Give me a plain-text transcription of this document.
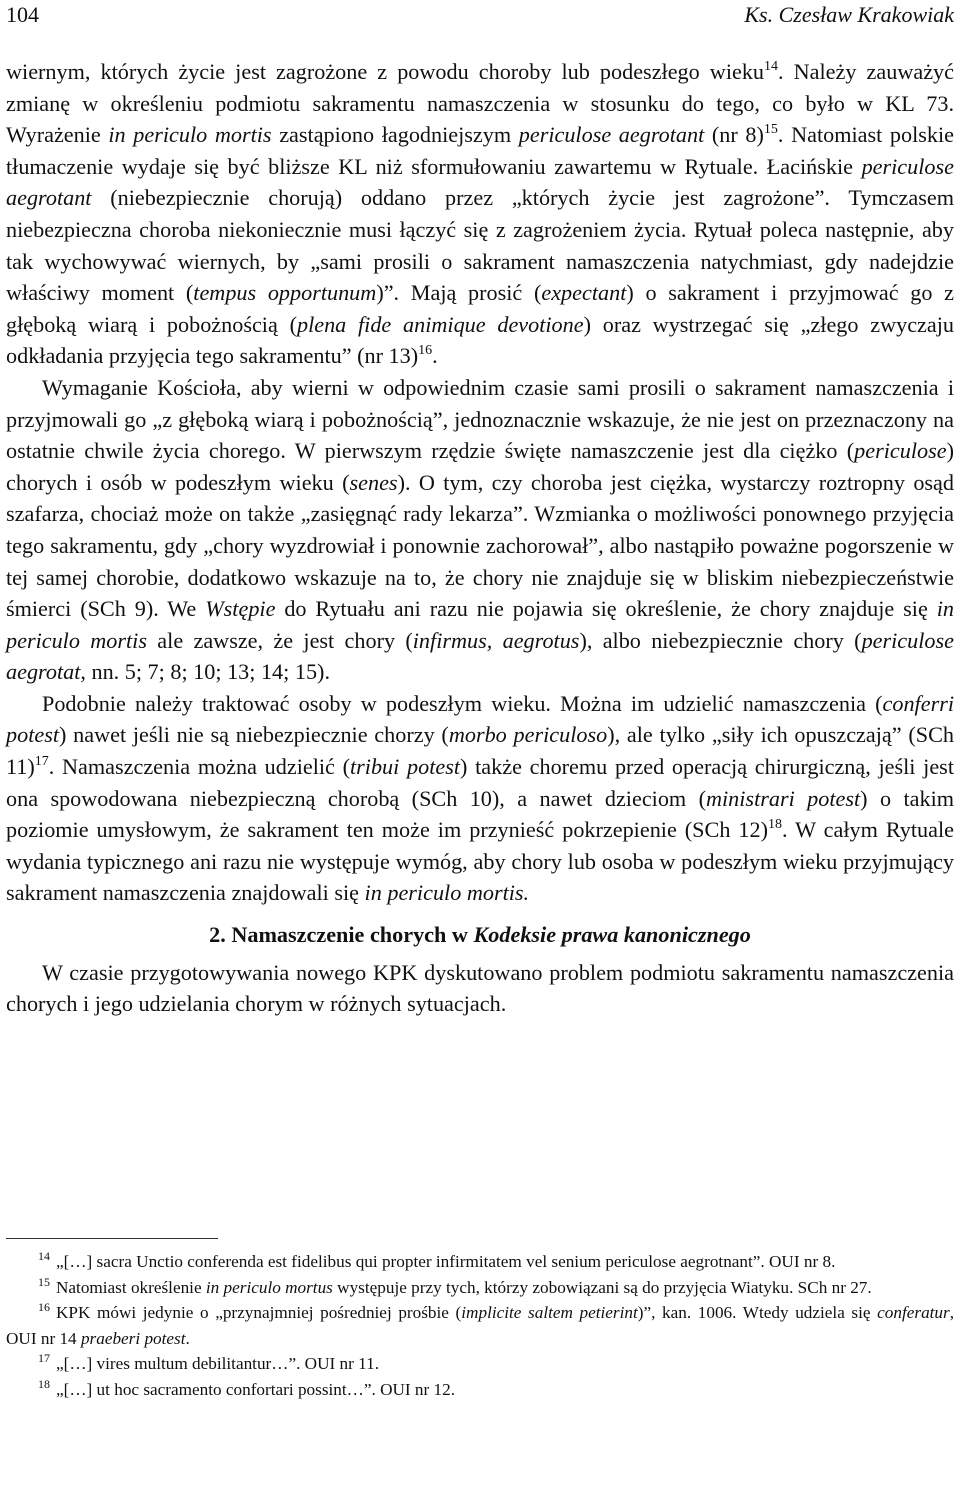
104	Ks. Czesław Krakowiak

wiernym, których życie jest zagrożone z powodu choroby lub podeszłego wieku$^{14}$. Należy zauważyć zmianę w określeniu podmiotu sakramentu namaszczenia w stosunku do tego, co było w KL 73. Wyrażenie in periculo mortis zastąpiono łagodniejszym periculose aegrotant (nr 8)$^{15}$. Natomiast polskie tłumaczenie wydaje się być bliższe KL niż sformułowaniu zawartemu w Rytuale. Łacińskie periculose aegrotant (niebezpiecznie chorują) oddano przez „których życie jest zagrożone”. Tymczasem niebezpieczna choroba niekoniecznie musi łączyć się z zagrożeniem życia. Rytuał poleca następnie, aby tak wychowywać wiernych, by „sami prosili o sakrament namaszczenia natychmiast, gdy nadejdzie właściwy moment (tempus opportunum)”. Mają prosić (expectant) o sakrament i przyjmować go z głęboką wiarą i pobożnością (plena fide animique devotione) oraz wystrzegać się „złego zwyczaju odkładania przyjęcia tego sakramentu” (nr 13)$^{16}$.

Wymaganie Kościoła, aby wierni w odpowiednim czasie sami prosili o sakrament namaszczenia i przyjmowali go „z głęboką wiarą i pobożnością”, jednoznacznie wskazuje, że nie jest on przeznaczony na ostatnie chwile życia chorego. W pierwszym rzędzie święte namaszczenie jest dla ciężko (periculose) chorych i osób w podeszłym wieku (senes). O tym, czy choroba jest ciężka, wystarczy roztropny osąd szafarza, chociaż może on także „zasięgnąć rady lekarza”. Wzmianka o możliwości ponownego przyjęcia tego sakramentu, gdy „chory wyzdrowiał i ponownie zachorował”, albo nastąpiło poważne pogorszenie w tej samej chorobie, dodatkowo wskazuje na to, że chory nie znajduje się w bliskim niebezpieczeństwie śmierci (SCh 9). We Wstępie do Rytuału ani razu nie pojawia się określenie, że chory znajduje się in periculo mortis ale zawsze, że jest chory (infirmus, aegrotus), albo niebezpiecznie chory (periculose aegrotat, nn. 5; 7; 8; 10; 13; 14; 15).

Podobnie należy traktować osoby w podeszłym wieku. Można im udzielić namaszczenia (conferri potest) nawet jeśli nie są niebezpiecznie chorzy (morbo periculoso), ale tylko „siły ich opuszczają” (SCh 11)$^{17}$. Namaszczenia można udzielić (tribui potest) także choremu przed operacją chirurgiczną, jeśli jest ona spowodowana niebezpieczną chorobą (SCh 10), a nawet dzieciom (ministrari potest) o takim poziomie umysłowym, że sakrament ten może im przynieść pokrzepienie (SCh 12)$^{18}$. W całym Rytuale wydania typicznego ani razu nie występuje wymóg, aby chory lub osoba w podeszłym wieku przyjmujący sakrament namaszczenia znajdowali się in periculo mortis.

2. Namaszczenie chorych w Kodeksie prawa kanonicznego

W czasie przygotowywania nowego KPK dyskutowano problem podmiotu sakramentu namaszczenia chorych i jego udzielania chorym w różnych sytuacjach.

$^{14}$ „[…] sacra Unctio conferenda est fidelibus qui propter infirmitatem vel senium periculose aegrotnant”. OUI nr 8.

$^{15}$ Natomiast określenie in periculo mortus występuje przy tych, którzy zobowiązani są do przyjęcia Wiatyku. SCh nr 27.

$^{16}$ KPK mówi jedynie o „przynajmniej pośredniej prośbie (implicite saltem petierint)”, kan. 1006. Wtedy udziela się conferatur, OUI nr 14 praeberi potest.

$^{17}$ „[…] vires multum debilitantur…”. OUI nr 11.

$^{18}$ „[…] ut hoc sacramento confortari possint…”. OUI nr 12.
